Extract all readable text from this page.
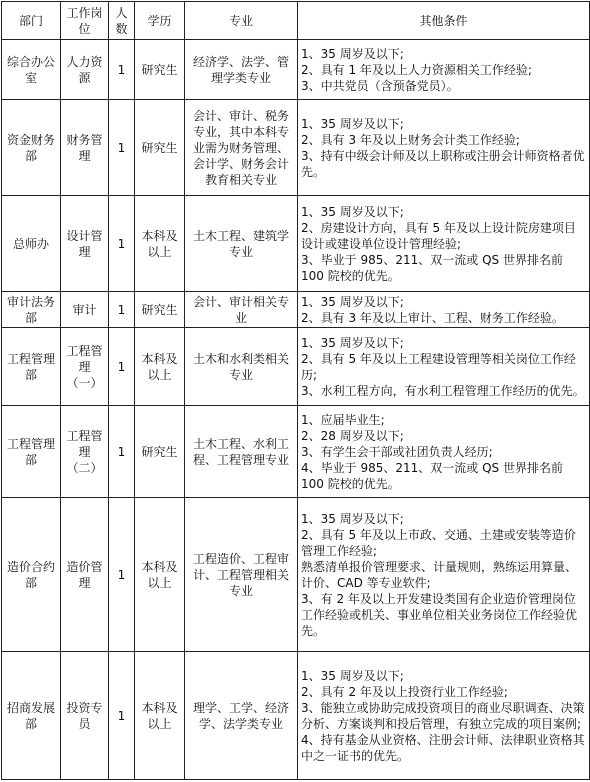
部门	工作岗位	人数	学历	专业	其他条件
综合办公室	人力资源	1	研究生	经济学、法学、管理学类专业	1、35 周岁及以下;
2、具有 1 年及以上人力资源相关工作经验;
3、中共党员（含预备党员）。

资金财务部	财务管理	1	研究生	会计、审计、税务专业，其中本科专业需为财务管理、会计学、财务会计教育相关专业	1、35 周岁及以下;
2、具有 3 年及以上财务会计类工作经验;
3、持有中级会计师及以上职称或注册会计师资格者优先。

总师办	设计管理	1	本科及以上	土木工程、建筑学专业	1、35 周岁及以下;
2、房建设计方向，具有 5 年及以上设计院房建项目设计或建设单位设计管理经验;
3、毕业于 985、211、双一流或 QS 世界排名前 100 院校的优先。

审计法务部	审计	1	研究生	会计、审计相关专业	1、35 周岁及以下;
2、具有 3 年及以上审计、工程、财务工作经验。

工程管理部	工程管理（一）	1	本科及以上	土木和水利类相关专业	1、35 周岁及以下;
2、具有 5 年及以上工程建设管理等相关岗位工作经历;
3、水利工程方向，有水利工程管理工作经历的优先。

工程管理部	工程管理（二）	1	研究生	土木工程、水利工程、工程管理专业	1、应届毕业生;
2、28 周岁及以下;
3、有学生会干部或社团负责人经历;
4、毕业于 985、211、双一流或 QS 世界排名前 100 院校的优先。

造价合约部	造价管理	1	本科及以上	工程造价、工程审计、工程管理相关专业	1、35 周岁及以下;
2、具有 5 年及以上市政、交通、土建或安装等造价管理工作经验;
熟悉清单报价管理要求、计量规则，熟练运用算量、计价、CAD 等专业软件;
3、有 2 年及以上开发建设类国有企业造价管理岗位工作经验或机关、事业单位相关业务岗位工作经验优先。

招商发展部	投资专员	1	本科及以上	理学、工学、经济学、法学类专业	1、35 周岁及以下;
2、具有 2 年及以上投资行业工作经验;
3、能独立或协助完成投资项目的商业尽职调查、决策分析、方案谈判和投后管理，有独立完成的项目案例;
4、持有基金从业资格、注册会计师、法律职业资格其中之一证书的优先。
